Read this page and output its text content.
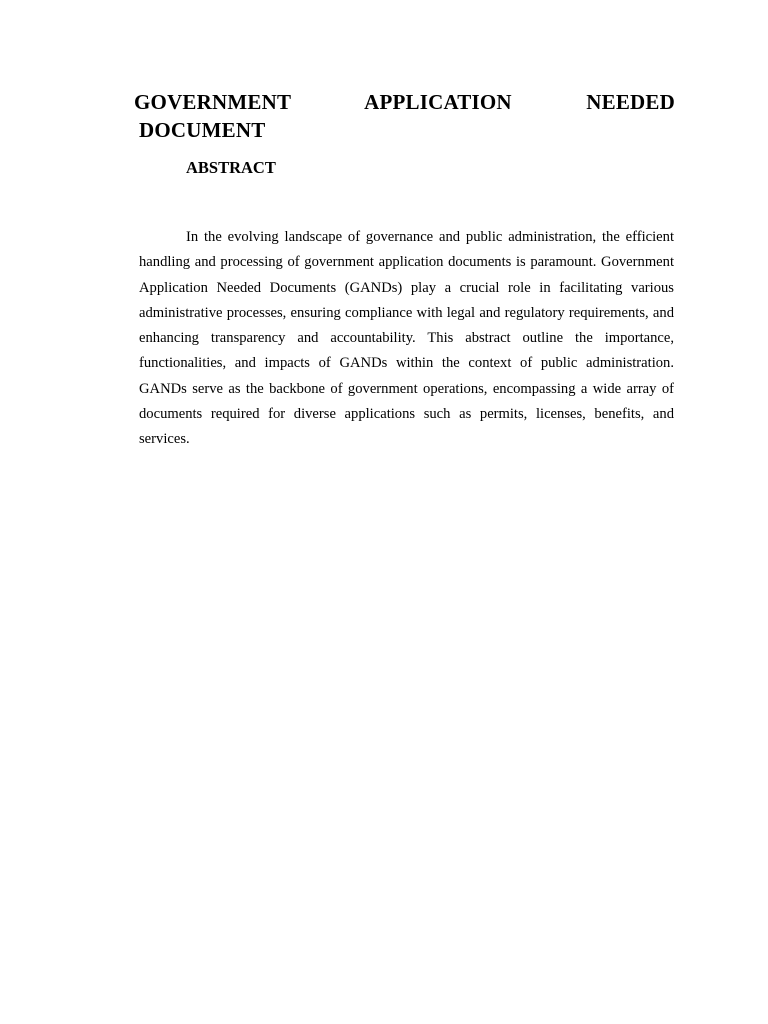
GOVERNMENT APPLICATION NEEDED
DOCUMENT
ABSTRACT

In the evolving landscape of governance and public administration, the efficient handling and processing of government application documents is paramount. Government Application Needed Documents (GANDs) play a crucial role in facilitating various administrative processes, ensuring compliance with legal and regulatory requirements, and enhancing transparency and accountability. This abstract outline the importance, functionalities, and impacts of GANDs within the context of public administration. GANDs serve as the backbone of government operations, encompassing a wide array of documents required for diverse applications such as permits, licenses, benefits, and services.
